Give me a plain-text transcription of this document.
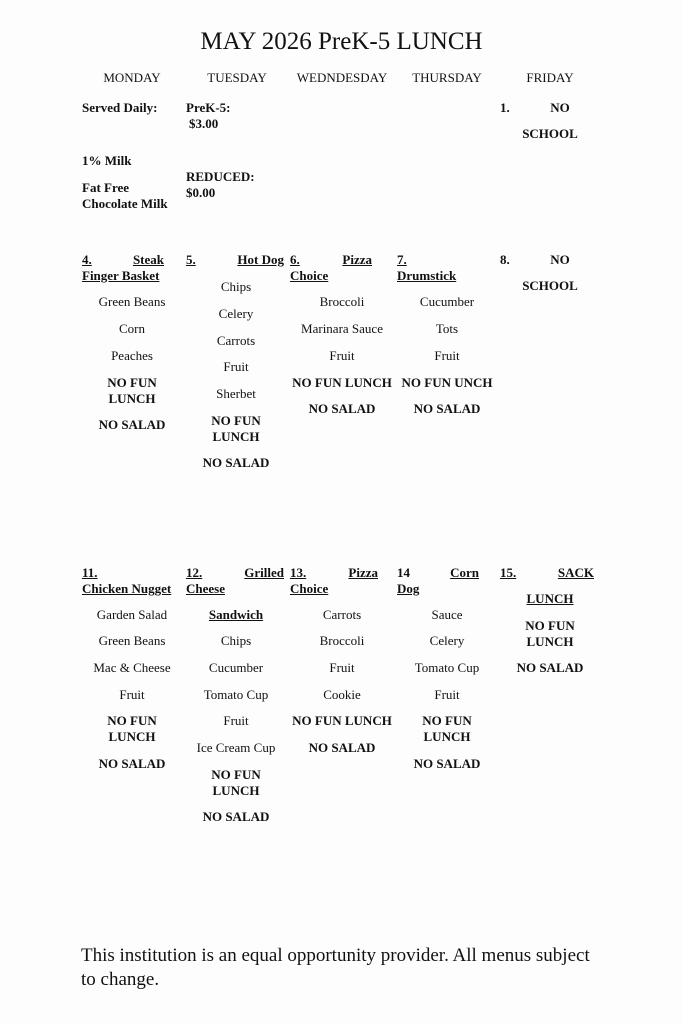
MAY 2026 PreK-5 LUNCH
MONDAY	TUESDAY	WEDNDESDAY	THURSDAY	FRIDAY
Served Daily:
1% Milk
Fat Free
Chocolate Milk
PreK-5:
$3.00
REDUCED:
$0.00
1.	NO
SCHOOL
4.	Steak
Finger Basket
Green Beans
Corn
Peaches
NO FUN
LUNCH
NO SALAD
5.	Hot Dog
Chips
Celery
Carrots
Fruit
Sherbet
NO FUN
LUNCH
NO SALAD
6.	Pizza
Choice
Broccoli
Marinara Sauce
Fruit
NO FUN LUNCH
NO SALAD
7.
Drumstick
Cucumber
Tots
Fruit
NO FUN UNCH
NO SALAD
8.	NO
SCHOOL
11.
Chicken Nugget
Garden Salad
Green Beans
Mac & Cheese
Fruit
NO FUN
LUNCH
NO SALAD
12.	Grilled
Cheese
Sandwich
Chips
Cucumber
Tomato Cup
Fruit
Ice Cream Cup
NO FUN
LUNCH
NO SALAD
13.	Pizza
Choice
Carrots
Broccoli
Fruit
Cookie
NO FUN LUNCH
NO SALAD
14	Corn
Dog
Sauce
Celery
Tomato Cup
Fruit
NO FUN
LUNCH
NO SALAD
15.	SACK
LUNCH
NO FUN
LUNCH
NO SALAD
This institution is an equal opportunity provider. All menus subject to change.
